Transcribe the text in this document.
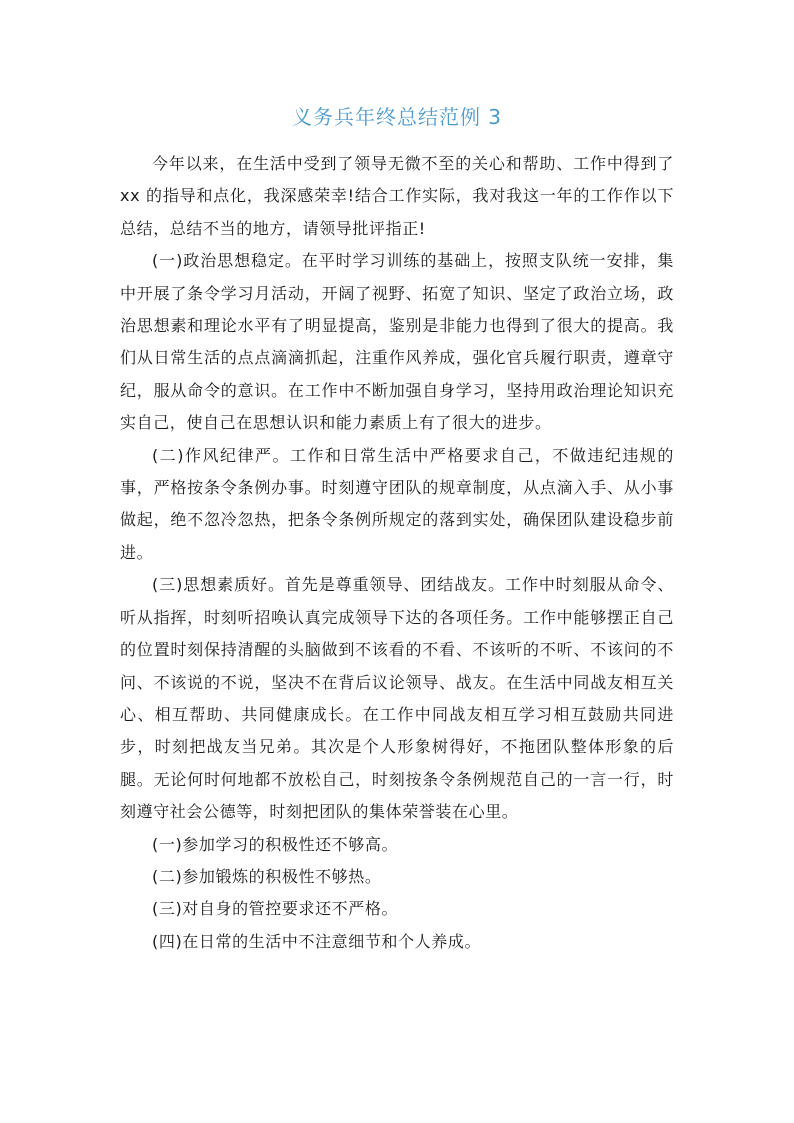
义务兵年终总结范例 3

今年以来，在生活中受到了领导无微不至的关心和帮助、工作中得到了 xx 的指导和点化，我深感荣幸!结合工作实际，我对我这一年的工作作以下总结，总结不当的地方，请领导批评指正!

(一)政治思想稳定。在平时学习训练的基础上，按照支队统一安排，集中开展了条令学习月活动，开阔了视野、拓宽了知识、坚定了政治立场，政治思想素和理论水平有了明显提高，鉴别是非能力也得到了很大的提高。我们从日常生活的点点滴滴抓起，注重作风养成，强化官兵履行职责，遵章守纪，服从命令的意识。在工作中不断加强自身学习，坚持用政治理论知识充实自己，使自己在思想认识和能力素质上有了很大的进步。

(二)作风纪律严。工作和日常生活中严格要求自己，不做违纪违规的事，严格按条令条例办事。时刻遵守团队的规章制度，从点滴入手、从小事做起，绝不忽冷忽热，把条令条例所规定的落到实处，确保团队建设稳步前进。

(三)思想素质好。首先是尊重领导、团结战友。工作中时刻服从命令、听从指挥，时刻听招唤认真完成领导下达的各项任务。工作中能够摆正自己的位置时刻保持清醒的头脑做到不该看的不看、不该听的不听、不该问的不问、不该说的不说，坚决不在背后议论领导、战友。在生活中同战友相互关心、相互帮助、共同健康成长。在工作中同战友相互学习相互鼓励共同进步，时刻把战友当兄弟。其次是个人形象树得好，不拖团队整体形象的后腿。无论何时何地都不放松自己，时刻按条令条例规范自己的一言一行，时刻遵守社会公德等，时刻把团队的集体荣誉装在心里。

(一)参加学习的积极性还不够高。

(二)参加锻炼的积极性不够热。

(三)对自身的管控要求还不严格。

(四)在日常的生活中不注意细节和个人养成。
